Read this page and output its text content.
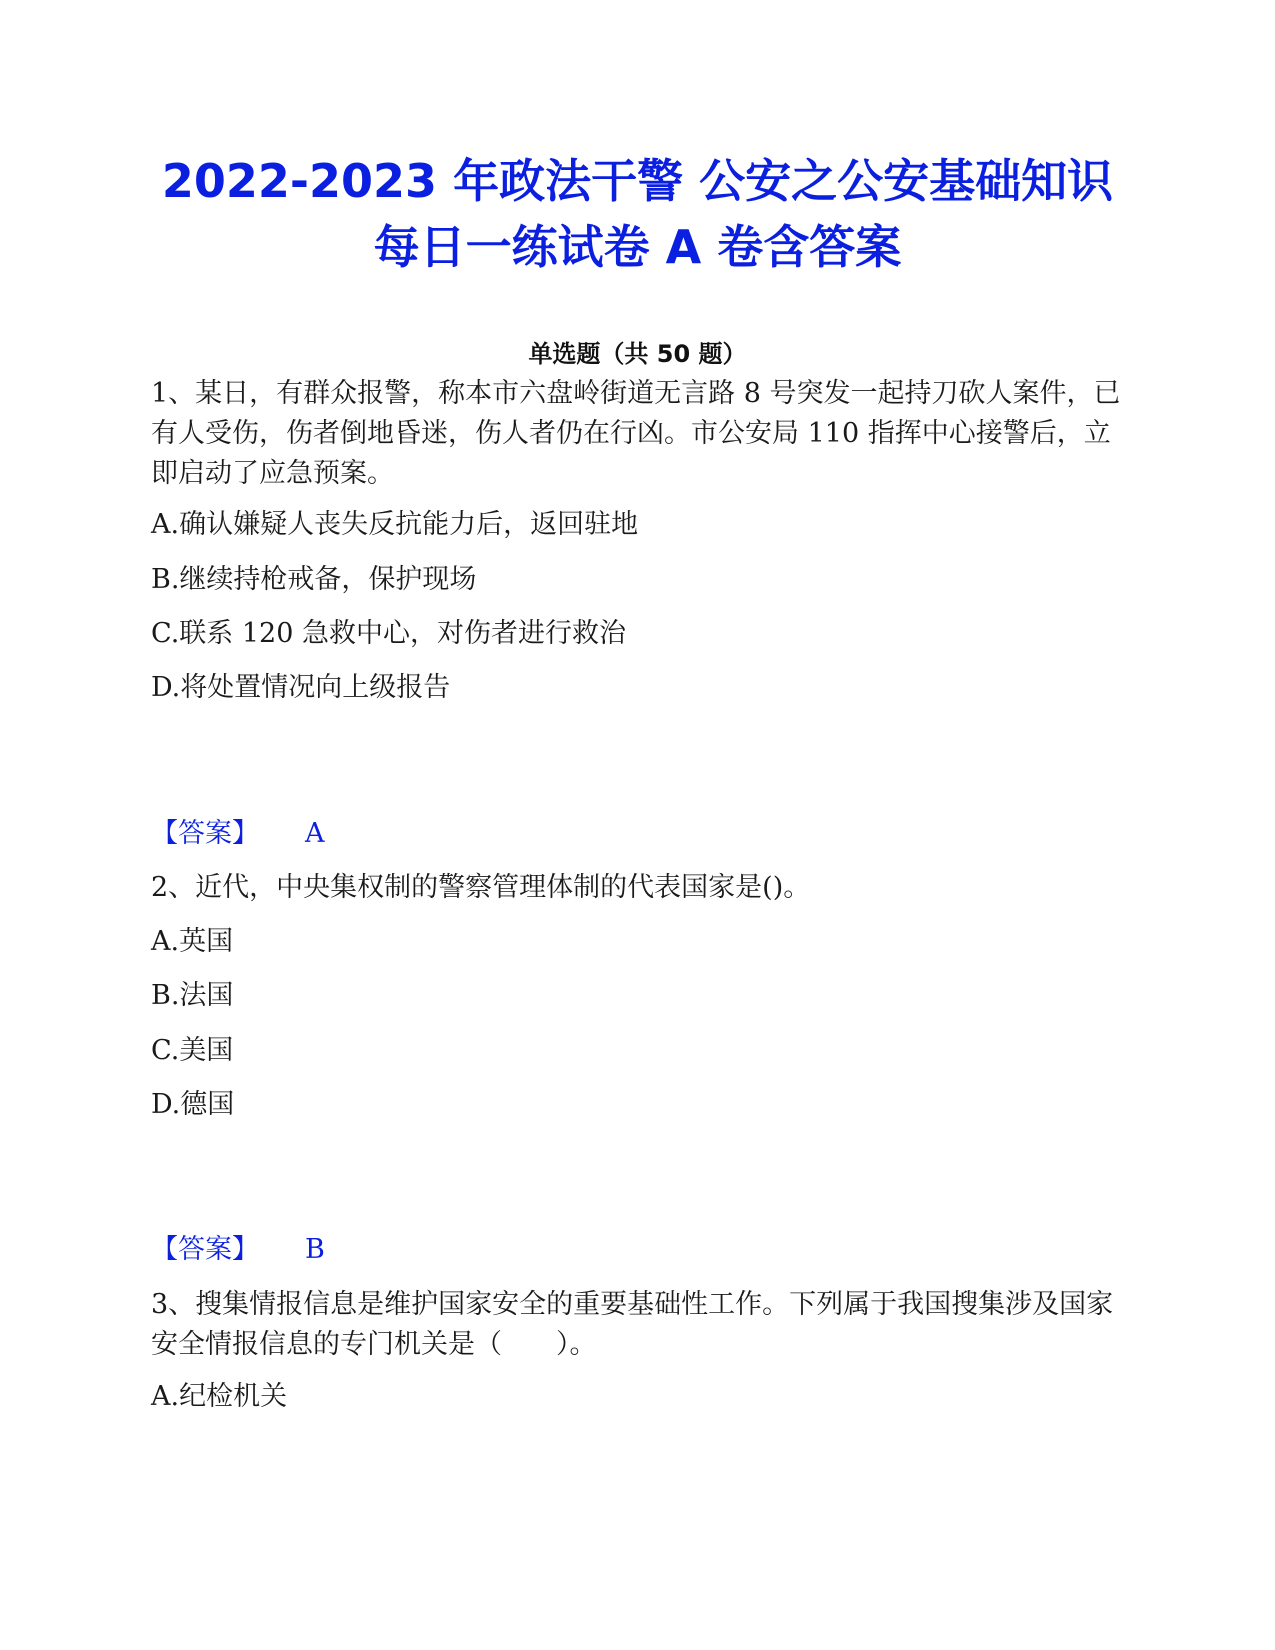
2022-2023 年政法干警 公安之公安基础知识
每日一练试卷 A 卷含答案
单选题（共 50 题）
1、某日，有群众报警，称本市六盘岭街道无言路 8 号突发一起持刀砍人案件，已有人受伤，伤者倒地昏迷，伤人者仍在行凶。市公安局 110 指挥中心接警后，立即启动了应急预案。
A.确认嫌疑人丧失反抗能力后，返回驻地
B.继续持枪戒备，保护现场
C.联系 120 急救中心，对伤者进行救治
D.将处置情况向上级报告
【答案】 A
2、近代，中央集权制的警察管理体制的代表国家是()。
A.英国
B.法国
C.美国
D.德国
【答案】 B
3、搜集情报信息是维护国家安全的重要基础性工作。下列属于我国搜集涉及国家安全情报信息的专门机关是（　　）。
A.纪检机关
